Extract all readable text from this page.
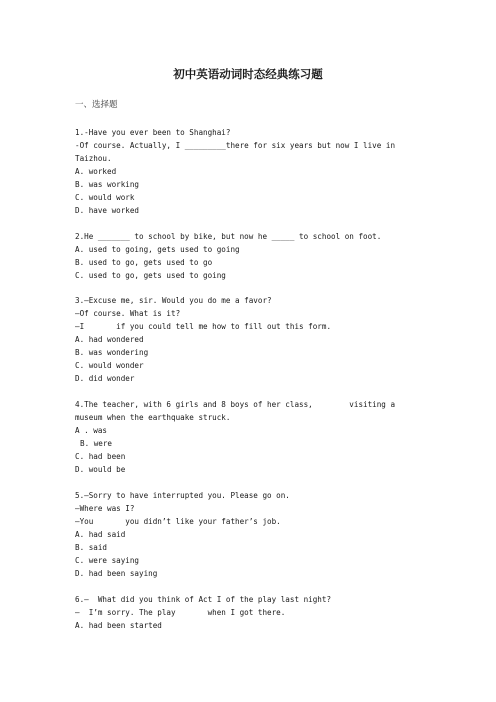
初中英语动词时态经典练习题
一、选择题
1.-Have you ever been to Shanghai?
-Of course. Actually, I _________there for six years but now I live in
Taizhou.
A. worked
B. was working
C. would work
D. have worked
2.He _______ to school by bike, but now he _____ to school on foot.
A. used to going, gets used to going
B. used to go, gets used to go
C. used to go, gets used to going
3.—Excuse me, sir. Would you do me a favor?
—Of course. What is it?
—I       if you could tell me how to fill out this form.
A. had wondered
B. was wondering
C. would wonder
D. did wonder
4.The teacher, with 6 girls and 8 boys of her class,        visiting a
museum when the earthquake struck.
A . was
B. were
C. had been
D. would be
5.—Sorry to have interrupted you. Please go on.
—Where was I?
—You       you didn’t like your father’s job.
A. had said
B. said
C. were saying
D. had been saying
6.—  What did you think of Act I of the play last night?
—  I’m sorry. The play       when I got there.
A. had been started
